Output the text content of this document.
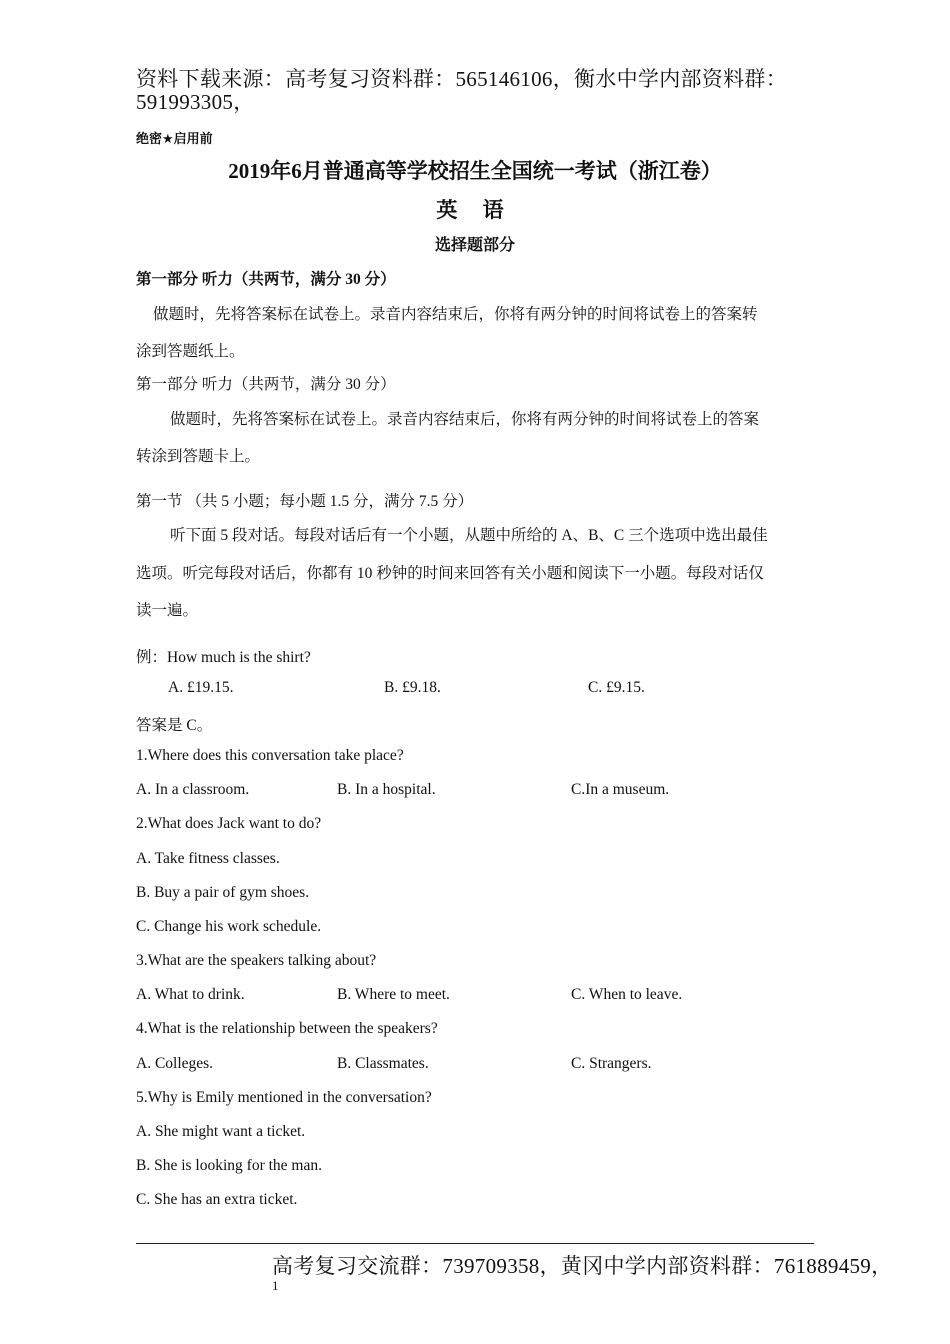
资料下载来源：高考复习资料群：565146106，衡水中学内部资料群：
591993305，
绝密★启用前
2019年6月普通高等学校招生全国统一考试（浙江卷）
英 语
选择题部分
第一部分 听力（共两节，满分 30 分）
做题时，先将答案标在试卷上。录音内容结束后，你将有两分钟的时间将试卷上的答案转
涂到答题纸上。
第一部分 听力（共两节，满分 30 分）
做题时，先将答案标在试卷上。录音内容结束后，你将有两分钟的时间将试卷上的答案
转涂到答题卡上。
第一节 （共 5 小题；每小题 1.5 分，满分 7.5 分）
听下面 5 段对话。每段对话后有一个小题，从题中所给的 A、B、C 三个选项中选出最佳
选项。听完每段对话后，你都有 10 秒钟的时间来回答有关小题和阅读下一小题。每段对话仅
读一遍。
例：How much is the shirt?
A. £19.15.	B. £9.18.	C. £9.15.
答案是 C。
1.Where does this conversation take place?
A. In a classroom.	B. In a hospital.	C.In a museum.
2.What does Jack want to do?
A. Take fitness classes.
B. Buy a pair of gym shoes.
C. Change his work schedule.
3.What are the speakers talking about?
A. What to drink.	B. Where to meet.	C. When to leave.
4.What is the relationship between the speakers?
A. Colleges.	B. Classmates.	C. Strangers.
5.Why is Emily mentioned in the conversation?
A. She might want a ticket.
B. She is looking for the man.
C. She has an extra ticket.
高考复习交流群：739709358，黄冈中学内部资料群：761889459，
1
